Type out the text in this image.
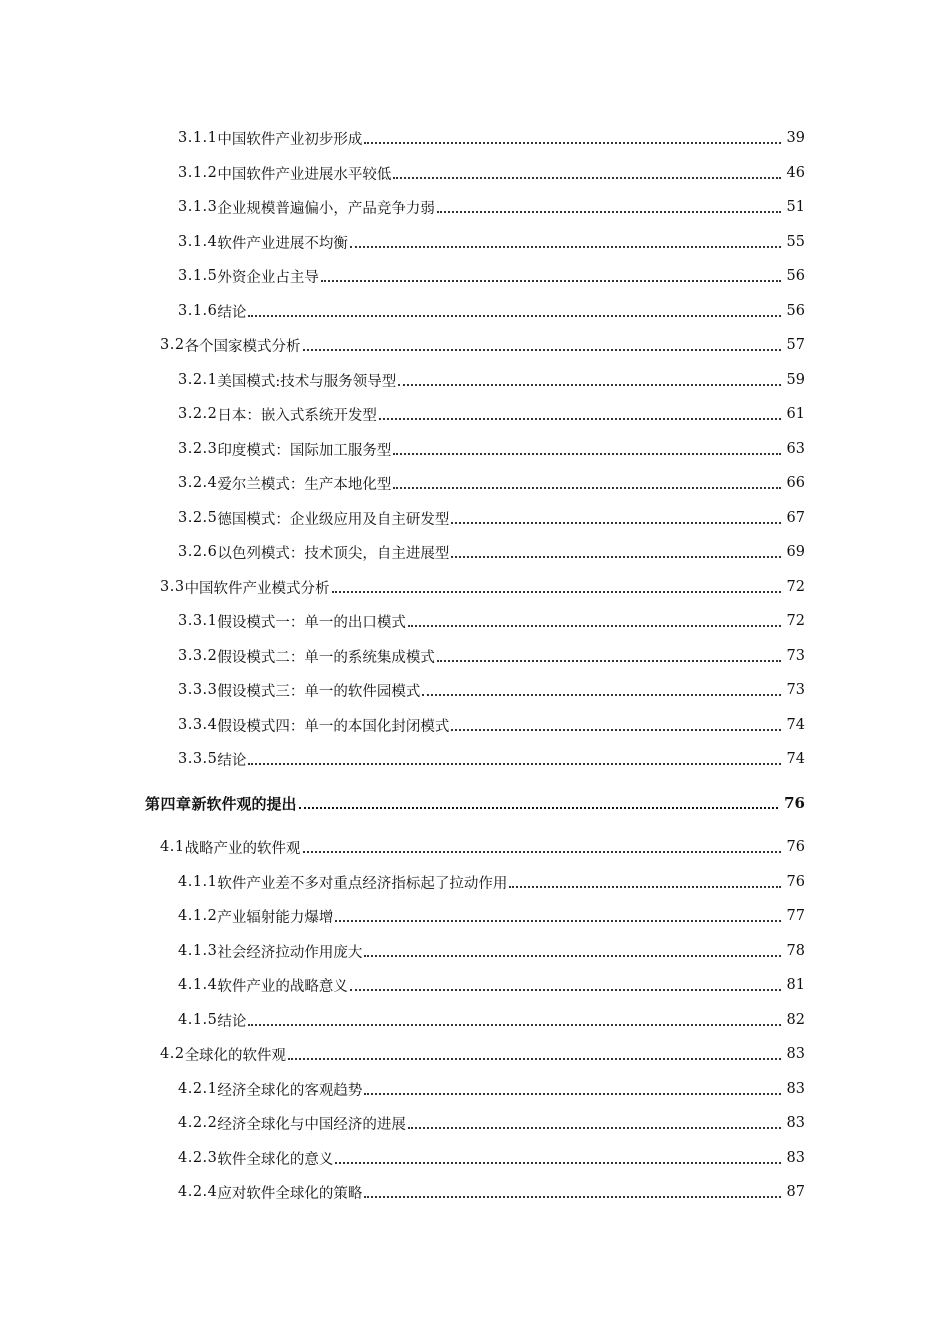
3.1.1 中国软件产业初步形成	39
3.1.2 中国软件产业进展水平较低	46
3.1.3 企业规模普遍偏小，产品竞争力弱	51
3.1.4 软件产业进展不均衡	55
3.1.5 外资企业占主导	56
3.1.6 结论	56
3.2 各个国家模式分析	57
3.2.1 美国模式:技术与服务领导型	59
3.2.2 日本：嵌入式系统开发型	61
3.2.3 印度模式：国际加工服务型	63
3.2.4 爱尔兰模式：生产本地化型	66
3.2.5 德国模式：企业级应用及自主研发型	67
3.2.6 以色列模式：技术顶尖，自主进展型	69
3.3 中国软件产业模式分析	72
3.3.1 假设模式一：单一的出口模式	72
3.3.2 假设模式二：单一的系统集成模式	73
3.3.3 假设模式三：单一的软件园模式	73
3.3.4 假设模式四：单一的本国化封闭模式	74
3.3.5 结论	74
第四章 新软件观的提出	76
4.1 战略产业的软件观	76
4.1.1 软件产业差不多对重点经济指标起了拉动作用	76
4.1.2 产业辐射能力爆增	77
4.1.3 社会经济拉动作用庞大	78
4.1.4 软件产业的战略意义	81
4.1.5 结论	82
4.2 全球化的软件观	83
4.2.1 经济全球化的客观趋势	83
4.2.2 经济全球化与中国经济的进展	83
4.2.3 软件全球化的意义	83
4.2.4 应对软件全球化的策略	87
